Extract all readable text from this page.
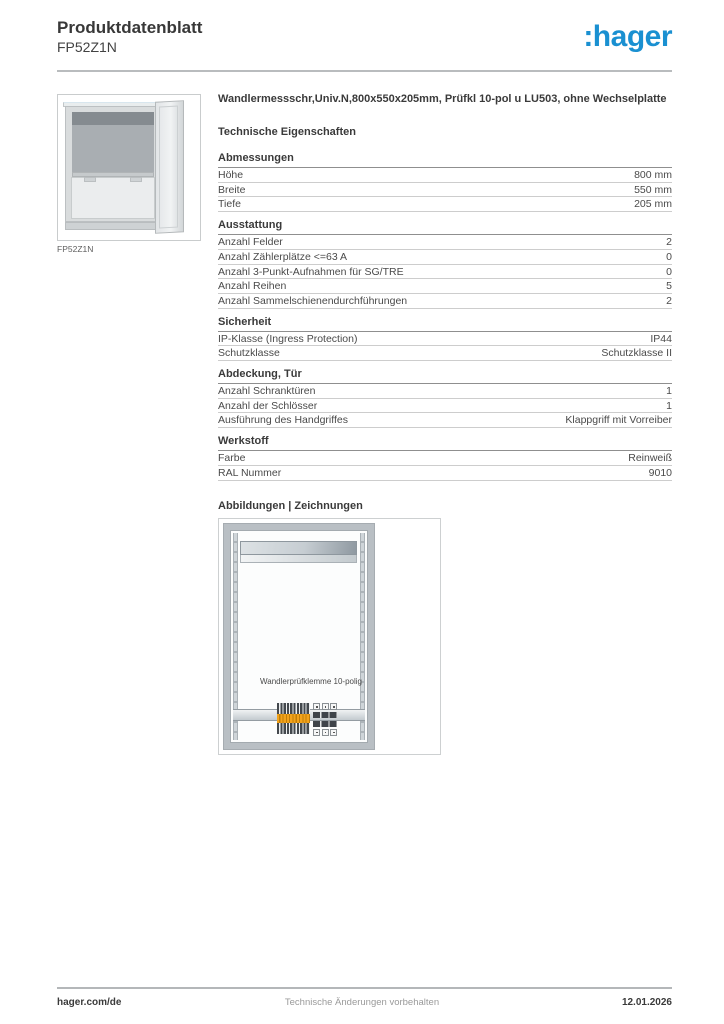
Produktdatenblatt
FP52Z1N	:hager
FP52Z1N
Wandlermessschr,Univ.N,800x550x205mm, Prüfkl 10-pol u LU503, ohne Wechselplatte
Technische Eigenschaften
Abmessungen
Höhe	800 mm
Breite	550 mm
Tiefe	205 mm
Ausstattung
Anzahl Felder	2
Anzahl Zählerplätze <=63 A	0
Anzahl 3-Punkt-Aufnahmen für SG/TRE	0
Anzahl Reihen	5
Anzahl Sammelschienendurchführungen	2
Sicherheit
IP-Klasse (Ingress Protection)	IP44
Schutzklasse	Schutzklasse II
Abdeckung, Tür
Anzahl Schranktüren	1
Anzahl der Schlösser	1
Ausführung des Handgriffes	Klappgriff mit Vorreiber
Werkstoff
Farbe	Reinweiß
RAL Nummer	9010
Abbildungen | Zeichnungen
Wandlerprüfklemme 10-polig
Technische Änderungen vorbehalten
hager.com/de	12.01.2026
